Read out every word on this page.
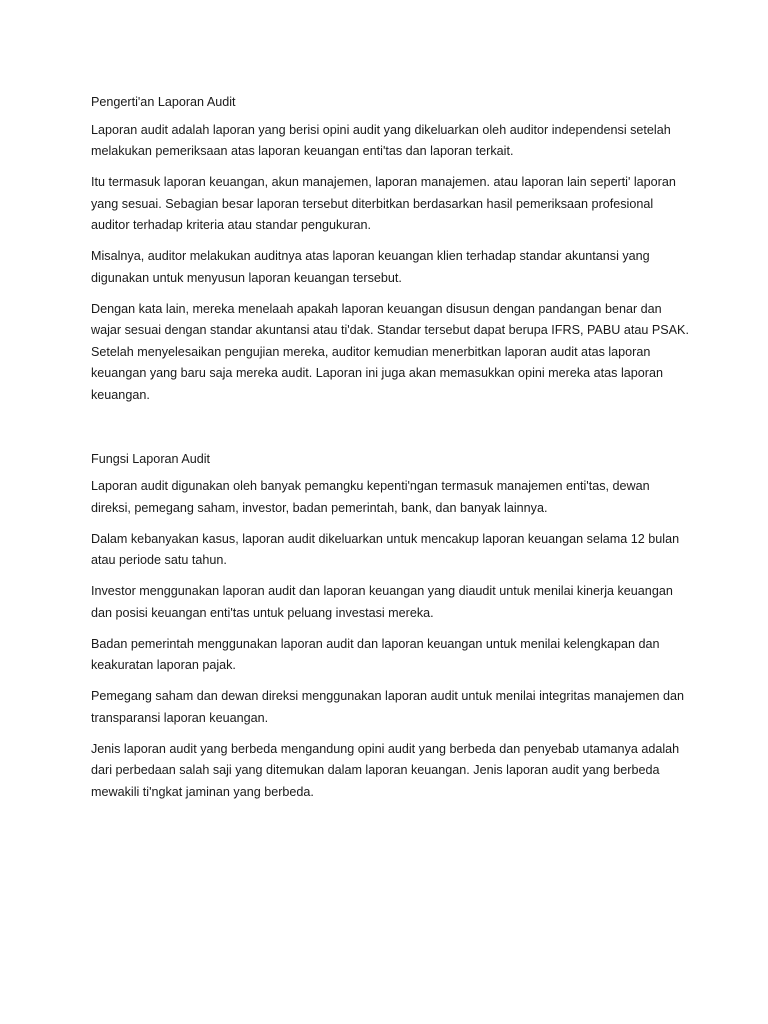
Pengerti'an Laporan Audit

Laporan audit adalah laporan yang berisi opini audit yang dikeluarkan oleh auditor independensi setelah melakukan pemeriksaan atas laporan keuangan enti'tas dan laporan terkait.

Itu termasuk laporan keuangan, akun manajemen, laporan manajemen. atau laporan lain seperti' laporan yang sesuai. Sebagian besar laporan tersebut diterbitkan berdasarkan hasil pemeriksaan profesional auditor terhadap kriteria atau standar pengukuran.

Misalnya, auditor melakukan auditnya atas laporan keuangan klien terhadap standar akuntansi yang digunakan untuk menyusun laporan keuangan tersebut.

Dengan kata lain, mereka menelaah apakah laporan keuangan disusun dengan pandangan benar dan wajar sesuai dengan standar akuntansi atau ti'dak. Standar tersebut dapat berupa IFRS, PABU atau PSAK. Setelah menyelesaikan pengujian mereka, auditor kemudian menerbitkan laporan audit atas laporan keuangan yang baru saja mereka audit. Laporan ini juga akan memasukkan opini mereka atas laporan keuangan.

Fungsi Laporan Audit

Laporan audit digunakan oleh banyak pemangku kepenti'ngan termasuk manajemen enti'tas, dewan direksi, pemegang saham, investor, badan pemerintah, bank, dan banyak lainnya.

Dalam kebanyakan kasus, laporan audit dikeluarkan untuk mencakup laporan keuangan selama 12 bulan atau periode satu tahun.

Investor menggunakan laporan audit dan laporan keuangan yang diaudit untuk menilai kinerja keuangan dan posisi keuangan enti'tas untuk peluang investasi mereka.

Badan pemerintah menggunakan laporan audit dan laporan keuangan untuk menilai kelengkapan dan keakuratan laporan pajak.

Pemegang saham dan dewan direksi menggunakan laporan audit untuk menilai integritas manajemen dan transparansi laporan keuangan.

Jenis laporan audit yang berbeda mengandung opini audit yang berbeda dan penyebab utamanya adalah dari perbedaan salah saji yang ditemukan dalam laporan keuangan. Jenis laporan audit yang berbeda mewakili ti'ngkat jaminan yang berbeda.
